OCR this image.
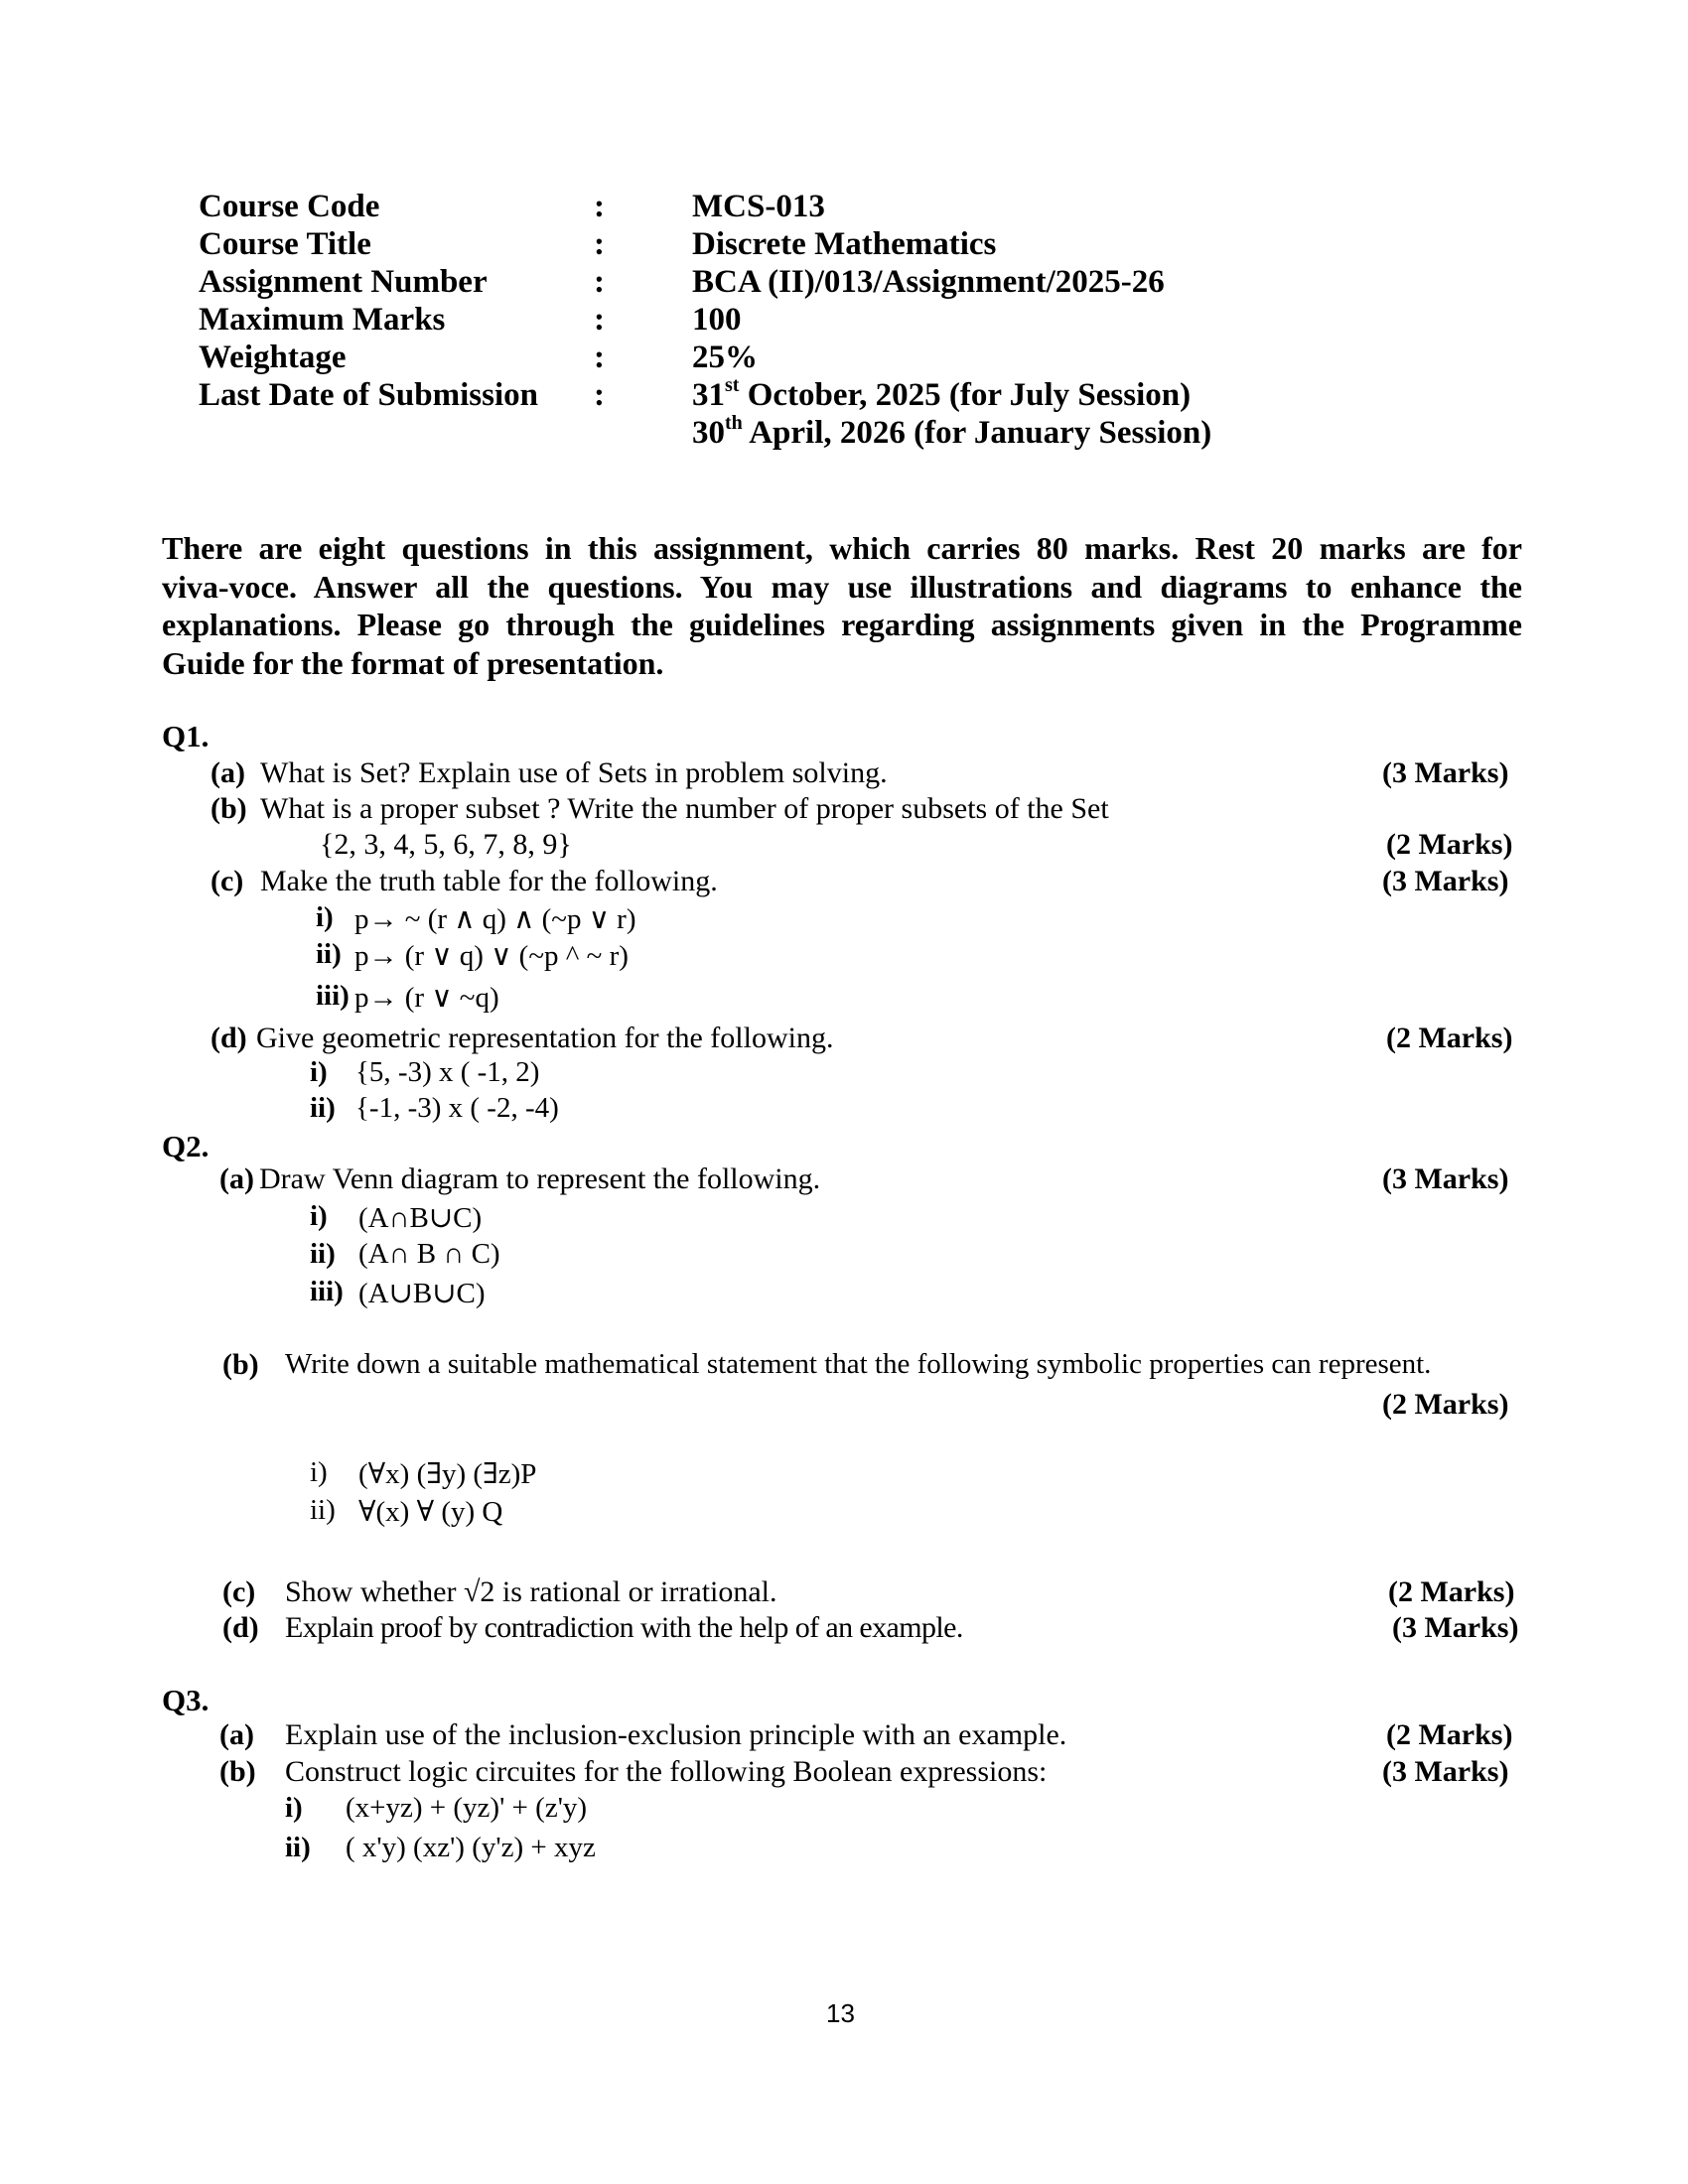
Course Code	:	MCS-013
Course Title	:	Discrete Mathematics
Assignment Number	:	BCA (II)/013/Assignment/2025-26
Maximum Marks	:	100
Weightage	:	25%
Last Date of Submission :	31st October, 2025 (for July Session)
30th April, 2026 (for January Session)
There are eight questions in this assignment, which carries 80 marks. Rest 20 marks are for
viva-voce. Answer all the questions. You may use illustrations and diagrams to enhance the
explanations. Please go through the guidelines regarding assignments given in the Programme
Guide for the format of presentation.
Q1.
(a) What is Set? Explain use of Sets in problem solving.	(3 Marks)
(b) What is a proper subset ? Write the number of proper subsets of the Set
{2, 3, 4, 5, 6, 7, 8, 9}	(2 Marks)
(c) Make the truth table for the following.	(3 Marks)
i) p→ ~ (r ∧ q) ∧ (~p ∨ r)
ii) p→ (r ∨ q) ∨ (~p ^ ~ r)
iii) p→ (r ∨ ~q)
(d) Give geometric representation for the following.	(2 Marks)
i) {5, -3) x ( -1, 2)
ii) {-1, -3) x ( -2, -4)
Q2.
(a) Draw Venn diagram to represent the following.	(3 Marks)
i) (A∩B∪C)
ii) (A∩ B ∩ C)
iii) (A∪B∪C)
(b) Write down a suitable mathematical statement that the following symbolic properties can represent.
(2 Marks)
i) (∀x) (∃y) (∃z)P
ii) ∀(x) ∀ (y) Q
(c) Show whether √2 is rational or irrational.	(2 Marks)
(d) Explain proof by contradiction with the help of an example.	(3 Marks)
Q3.
(a) Explain use of the inclusion-exclusion principle with an example.	(2 Marks)
(b) Construct logic circuites for the following Boolean expressions:	(3 Marks)
i) (x+yz) + (yz)' + (z'y)
ii) ( x'y) (xz') (y'z) + xyz
13
